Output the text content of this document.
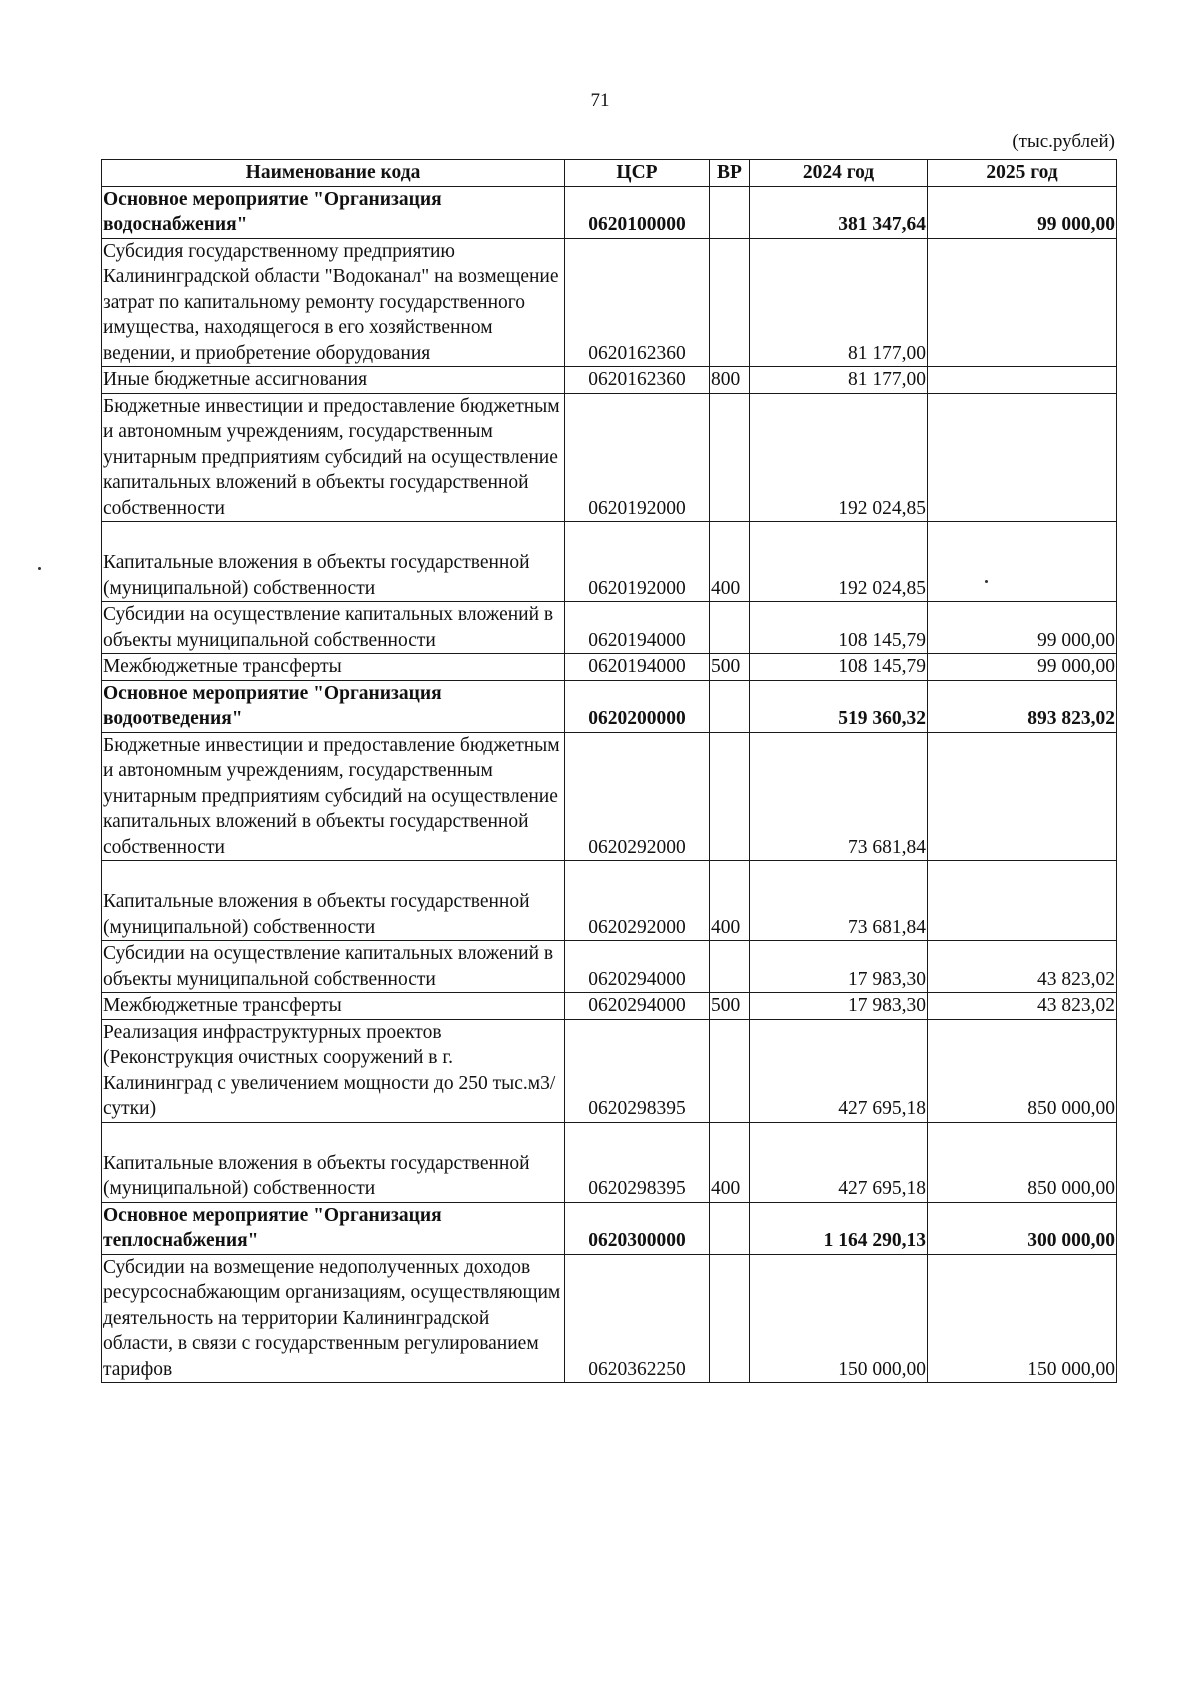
71
(тыс.рублей)
Наименование кода	ЦСР	ВР	2024 год	2025 год
Основное мероприятие "Организация водоснабжения"	0620100000		381 347,64	99 000,00
Субсидия государственному предприятию Калининградской области "Водоканал" на возмещение затрат по капитальному ремонту государственного имущества, находящегося в его хозяйственном ведении, и приобретение оборудования	0620162360		81 177,00	
Иные бюджетные ассигнования	0620162360	800	81 177,00	
Бюджетные инвестиции и предоставление бюджетным и автономным учреждениям, государственным унитарным предприятиям субсидий на осуществление капитальных вложений в объекты государственной собственности	0620192000		192 024,85	
Капитальные вложения в объекты государственной (муниципальной) собственности	0620192000	400	192 024,85	
Субсидии на осуществление капитальных вложений в объекты муниципальной собственности	0620194000		108 145,79	99 000,00
Межбюджетные трансферты	0620194000	500	108 145,79	99 000,00
Основное мероприятие "Организация водоотведения"	0620200000		519 360,32	893 823,02
Бюджетные инвестиции и предоставление бюджетным и автономным учреждениям, государственным унитарным предприятиям субсидий на осуществление капитальных вложений в объекты государственной собственности	0620292000		73 681,84	
Капитальные вложения в объекты государственной (муниципальной) собственности	0620292000	400	73 681,84	
Субсидии на осуществление капитальных вложений в объекты муниципальной собственности	0620294000		17 983,30	43 823,02
Межбюджетные трансферты	0620294000	500	17 983,30	43 823,02
Реализация инфраструктурных проектов (Реконструкция очистных сооружений в г. Калининград с увеличением мощности до 250 тыс.м3/сутки)	0620298395		427 695,18	850 000,00
Капитальные вложения в объекты государственной (муниципальной) собственности	0620298395	400	427 695,18	850 000,00
Основное мероприятие "Организация теплоснабжения"	0620300000		1 164 290,13	300 000,00
Субсидии на возмещение недополученных доходов ресурсоснабжающим организациям, осуществляющим деятельность на территории Калининградской области, в связи с государственным регулированием тарифов	0620362250		150 000,00	150 000,00
